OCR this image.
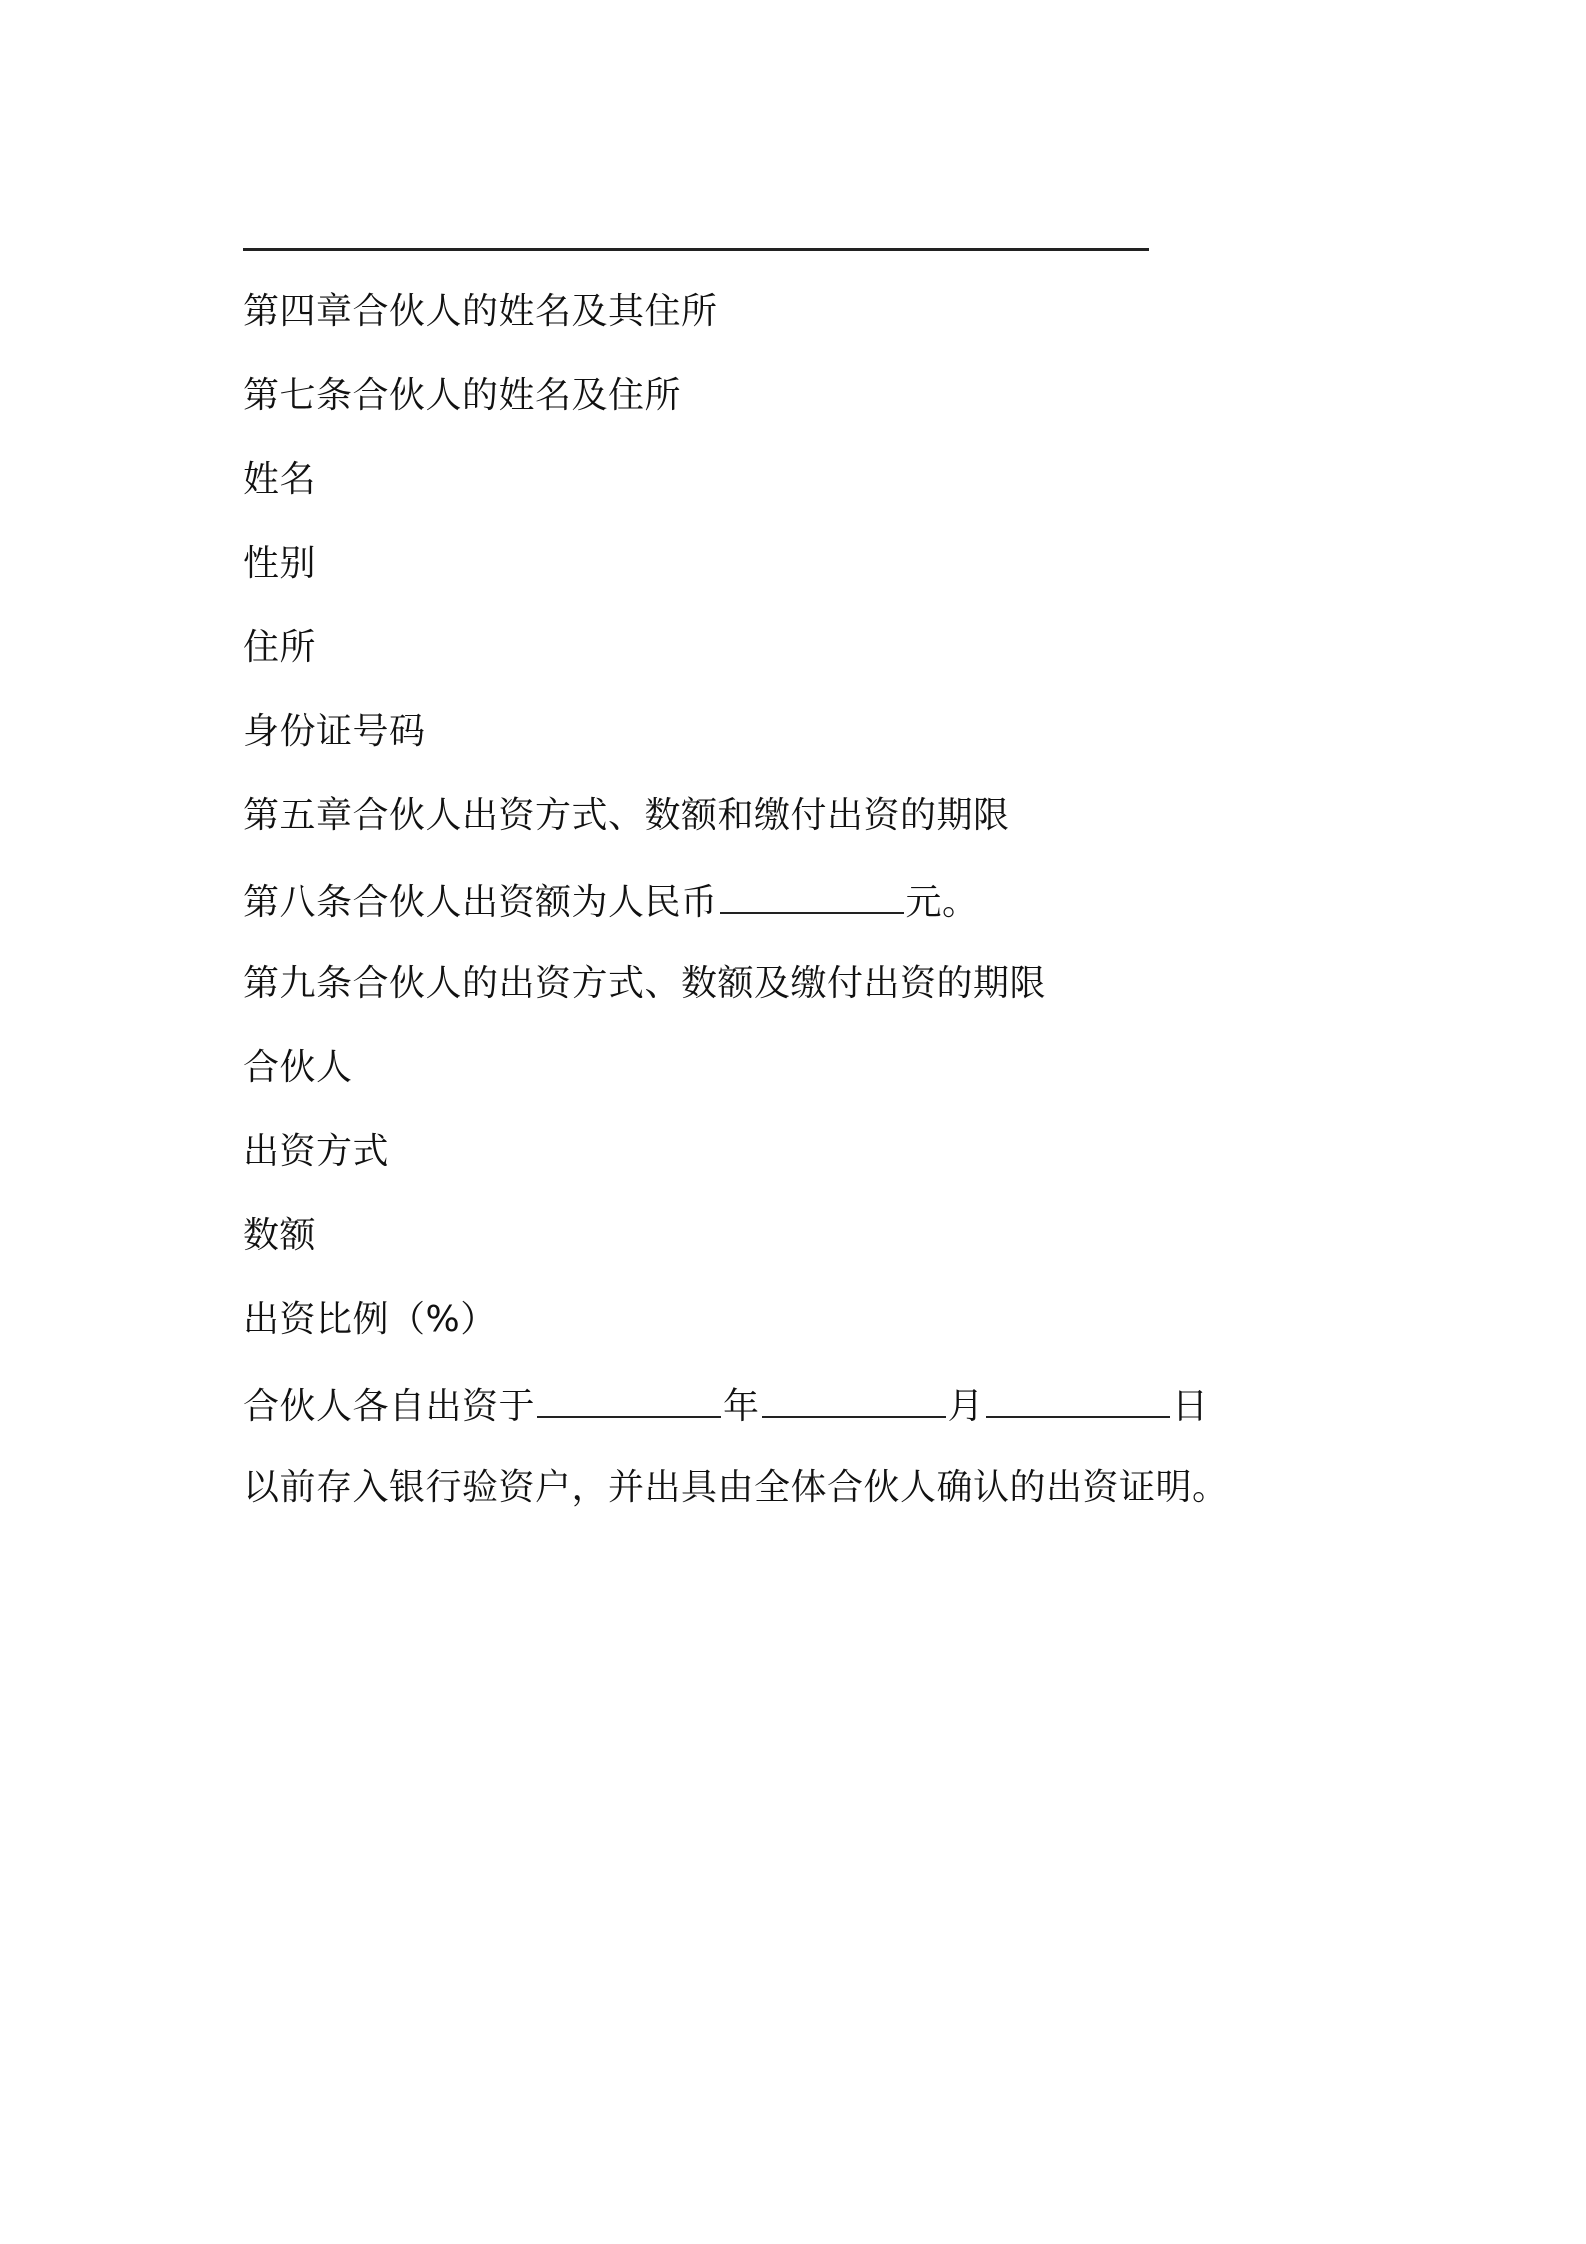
第四章合伙人的姓名及其住所
第七条合伙人的姓名及住所
姓名
性别
住所
身份证号码
第五章合伙人出资方式、数额和缴付出资的期限
第八条合伙人出资额为人民币	元。
第九条合伙人的出资方式、数额及缴付出资的期限
合伙人
出资方式
数额
出资比例（%）
合伙人各自出资于	年	月	日
以前存入银行验资户，并出具由全体合伙人确认的出资证明。
